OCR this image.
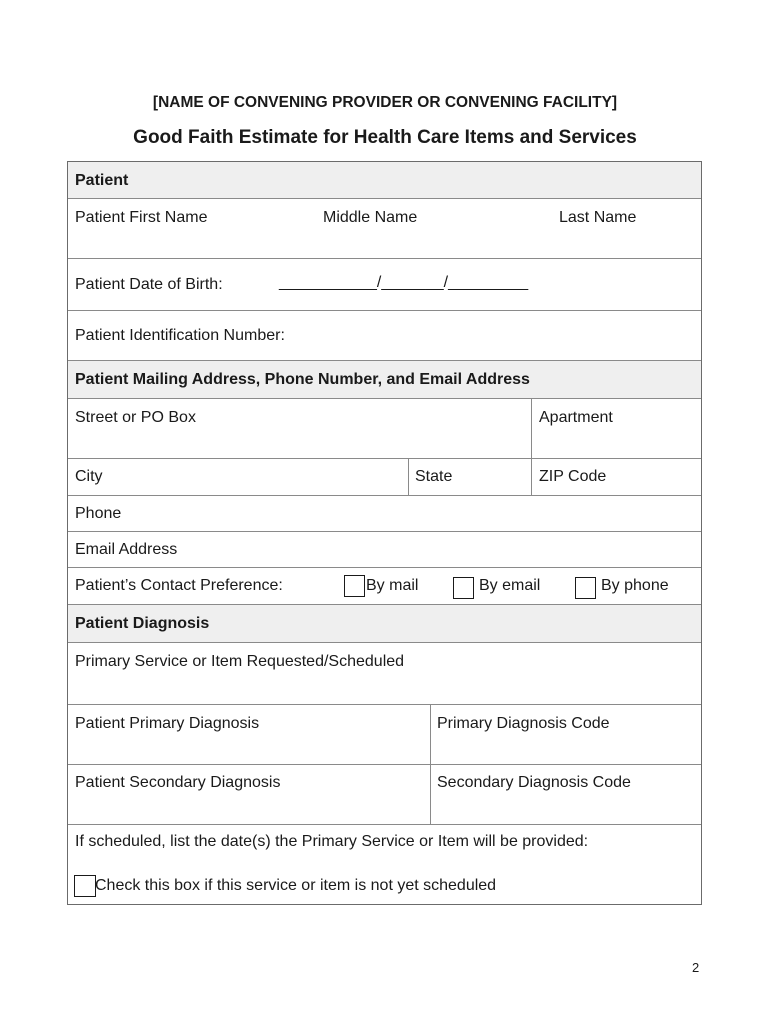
[NAME OF CONVENING PROVIDER OR CONVENING FACILITY]
Good Faith Estimate for Health Care Items and Services
Patient
Patient First Name	Middle Name	Last Name
Patient Date of Birth:	___________/_______/_________
Patient Identification Number:
Patient Mailing Address, Phone Number, and Email Address
Street or PO Box	Apartment
City	State	ZIP Code
Phone
Email Address
Patient’s Contact Preference:	By mail	By email	By phone
Patient Diagnosis
Primary Service or Item Requested/Scheduled
Patient Primary Diagnosis	Primary Diagnosis Code
Patient Secondary Diagnosis	Secondary Diagnosis Code
If scheduled, list the date(s) the Primary Service or Item will be provided:
Check this box if this service or item is not yet scheduled
2
